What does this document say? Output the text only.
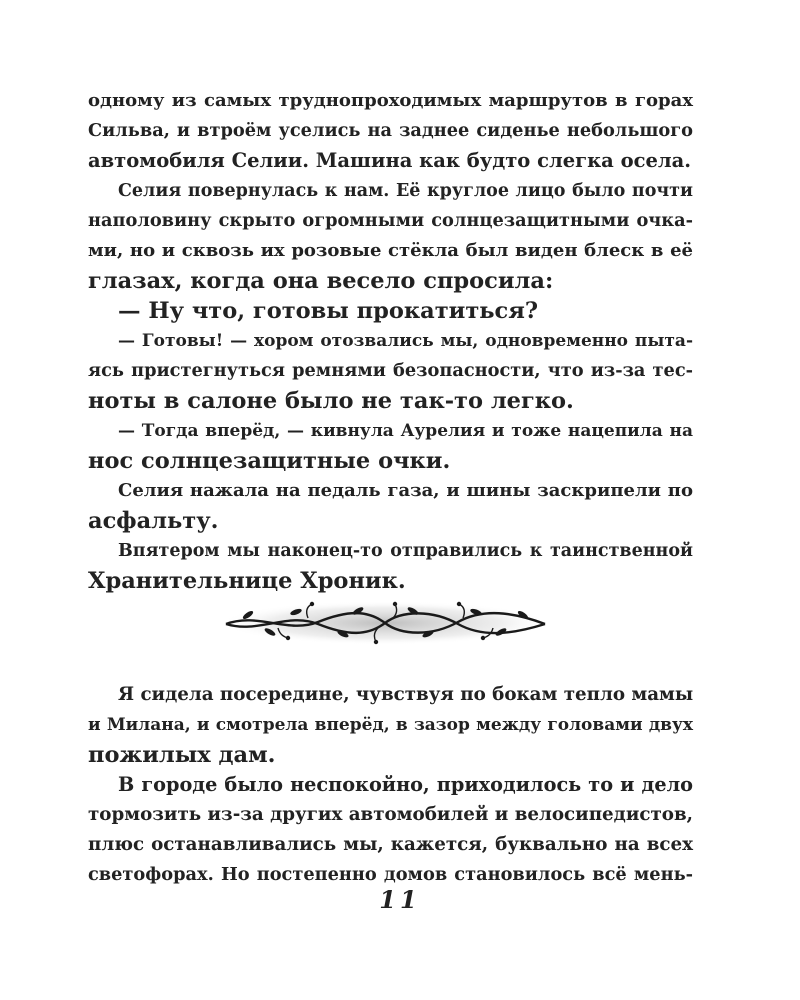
одному из самых труднопроходимых маршрутов в горах
Сильва, и втроём уселись на заднее сиденье небольшого
автомобиля Селии. Машина как будто слегка осела.
Селия повернулась к нам. Её круглое лицо было почти
наполовину скрыто огромными солнцезащитными очка-
ми, но и сквозь их розовые стёкла был виден блеск в её
глазах, когда она весело спросила:
— Ну что, готовы прокатиться?
— Готовы! — хором отозвались мы, одновременно пыта-
ясь пристегнуться ремнями безопасности, что из-за тес-
ноты в салоне было не так-то легко.
— Тогда вперёд, — кивнула Аурелия и тоже нацепила на
нос солнцезащитные очки.
Селия нажала на педаль газа, и шины заскрипели по
асфальту.
Впятером мы наконец-то отправились к таинственной
Хранительнице Хроник.
Я сидела посередине, чувствуя по бокам тепло мамы
и Милана, и смотрела вперёд, в зазор между головами двух
пожилых дам.
В городе было неспокойно, приходилось то и дело
тормозить из-за других автомобилей и велосипедистов,
плюс останавливались мы, кажется, буквально на всех
светофорах. Но постепенно домов становилось всё мень-
11
